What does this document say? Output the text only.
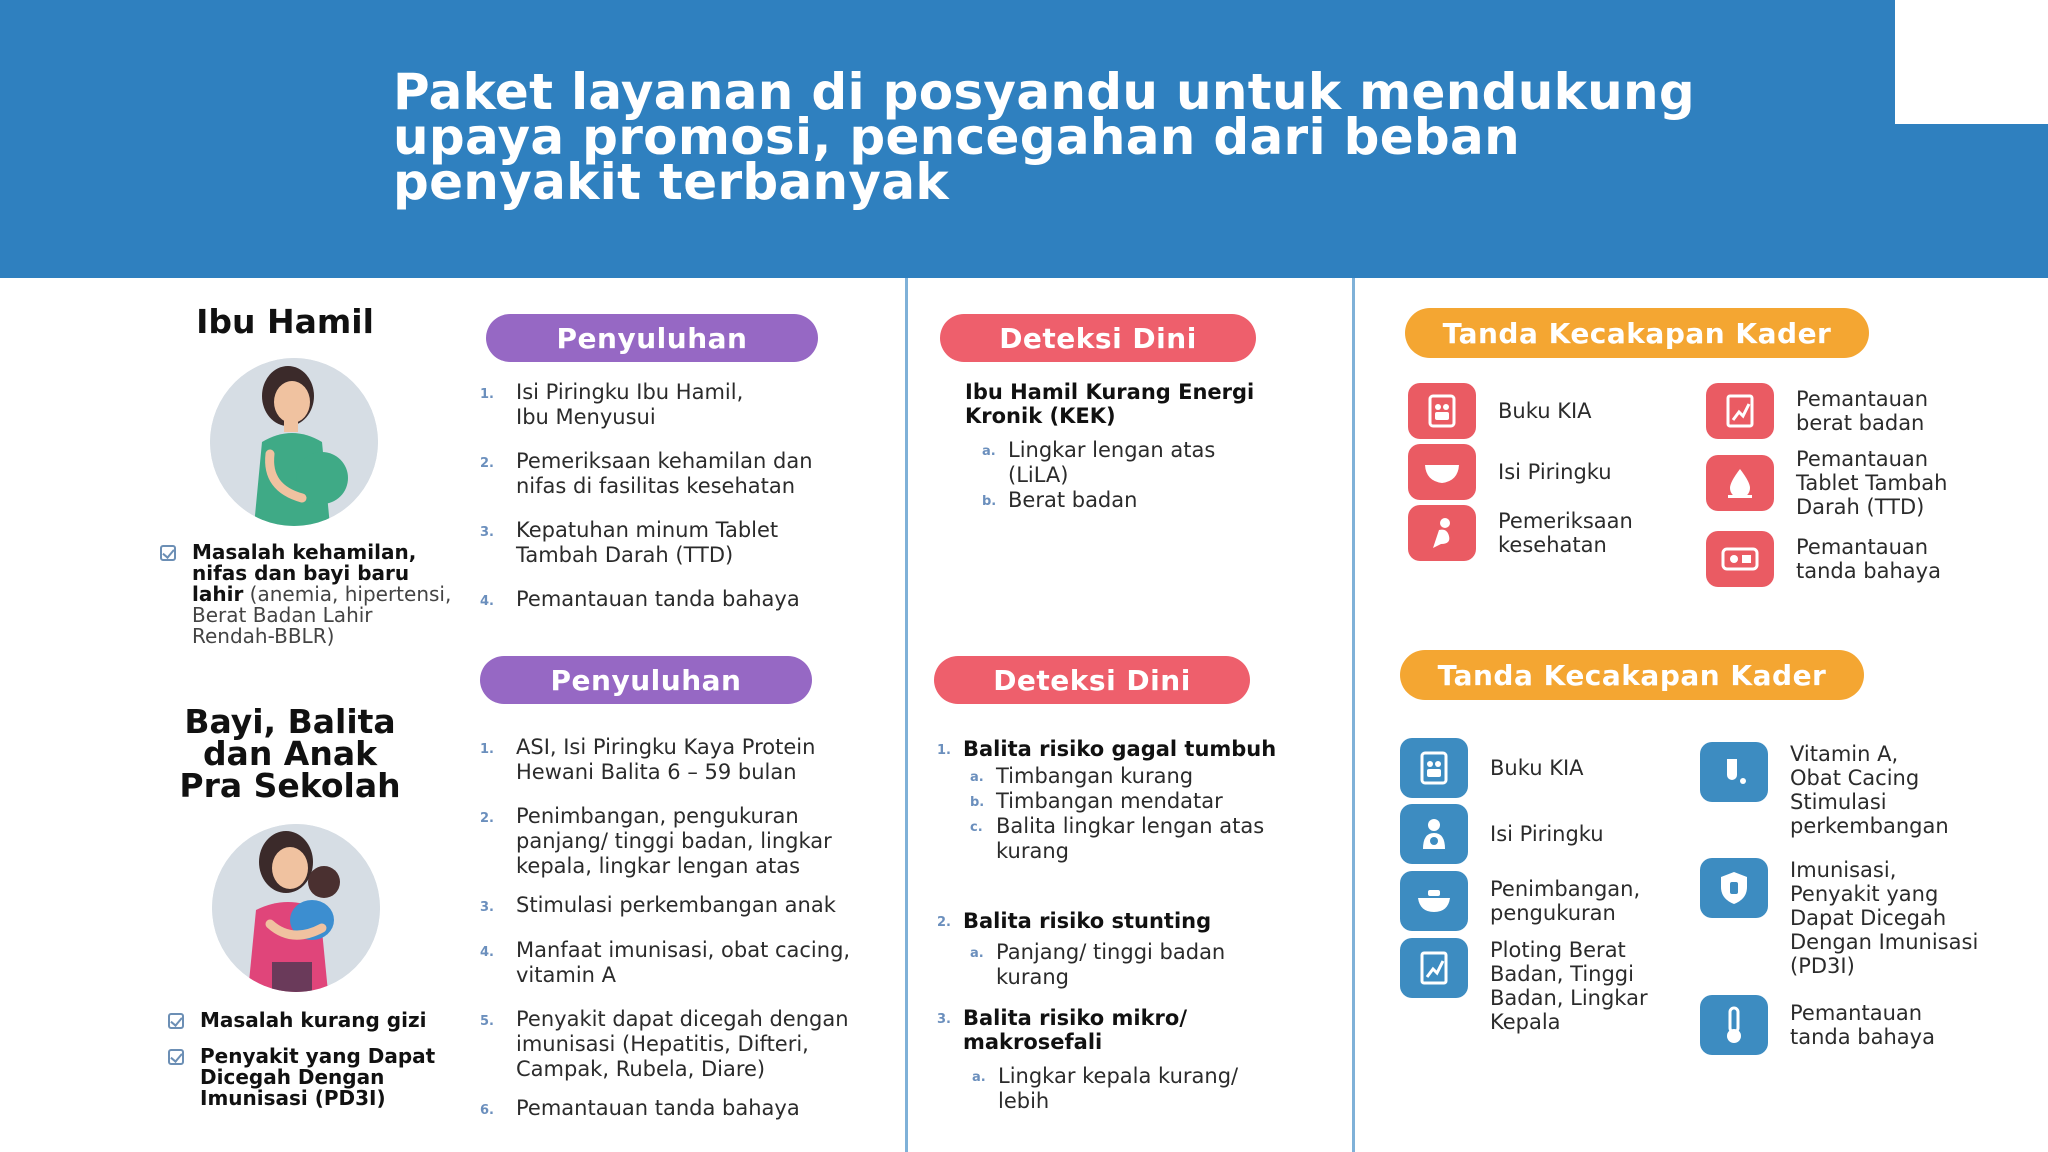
Paket layanan di posyandu untuk mendukung
upaya promosi, pencegahan dari beban
penyakit terbanyak
Ibu Hamil
Masalah kehamilan, nifas dan bayi baru lahir (anemia, hipertensi, Berat Badan Lahir Rendah-BBLR)
Penyuluhan
1. Isi Piringku Ibu Hamil,
Ibu Menyusui
2. Pemeriksaan kehamilan dan
nifas di fasilitas kesehatan
3. Kepatuhan minum Tablet
Tambah Darah (TTD)
4. Pemantauan tanda bahaya
Deteksi Dini
Ibu Hamil Kurang Energi
Kronik (KEK)
a. Lingkar lengan atas
(LiLA)
b. Berat badan
Tanda Kecakapan Kader
Buku KIA
Isi Piringku
Pemeriksaan
kesehatan
Pemantauan
berat badan
Pemantauan
Tablet Tambah
Darah (TTD)
Pemantauan
tanda bahaya
Bayi, Balita
dan Anak
Pra Sekolah
Masalah kurang gizi
Penyakit yang Dapat Dicegah Dengan Imunisasi (PD3I)
Penyuluhan
1. ASI, Isi Piringku Kaya Protein
Hewani Balita 6 – 59 bulan
2. Penimbangan, pengukuran
panjang/ tinggi badan, lingkar
kepala, lingkar lengan atas
3. Stimulasi perkembangan anak
4. Manfaat imunisasi, obat cacing,
vitamin A
5. Penyakit dapat dicegah dengan
imunisasi (Hepatitis, Difteri,
Campak, Rubela, Diare)
6. Pemantauan tanda bahaya
Deteksi Dini
1. Balita risiko gagal tumbuh
a. Timbangan kurang
b. Timbangan mendatar
c. Balita lingkar lengan atas
kurang
2. Balita risiko stunting
a. Panjang/ tinggi badan
kurang
3. Balita risiko mikro/
makrosefali
a. Lingkar kepala kurang/
lebih
Tanda Kecakapan Kader
Buku KIA
Isi Piringku
Penimbangan,
pengukuran
Ploting Berat
Badan, Tinggi
Badan, Lingkar
Kepala
Vitamin A,
Obat Cacing
Stimulasi
perkembangan
Imunisasi,
Penyakit yang
Dapat Dicegah
Dengan Imunisasi
(PD3I)
Pemantauan
tanda bahaya
